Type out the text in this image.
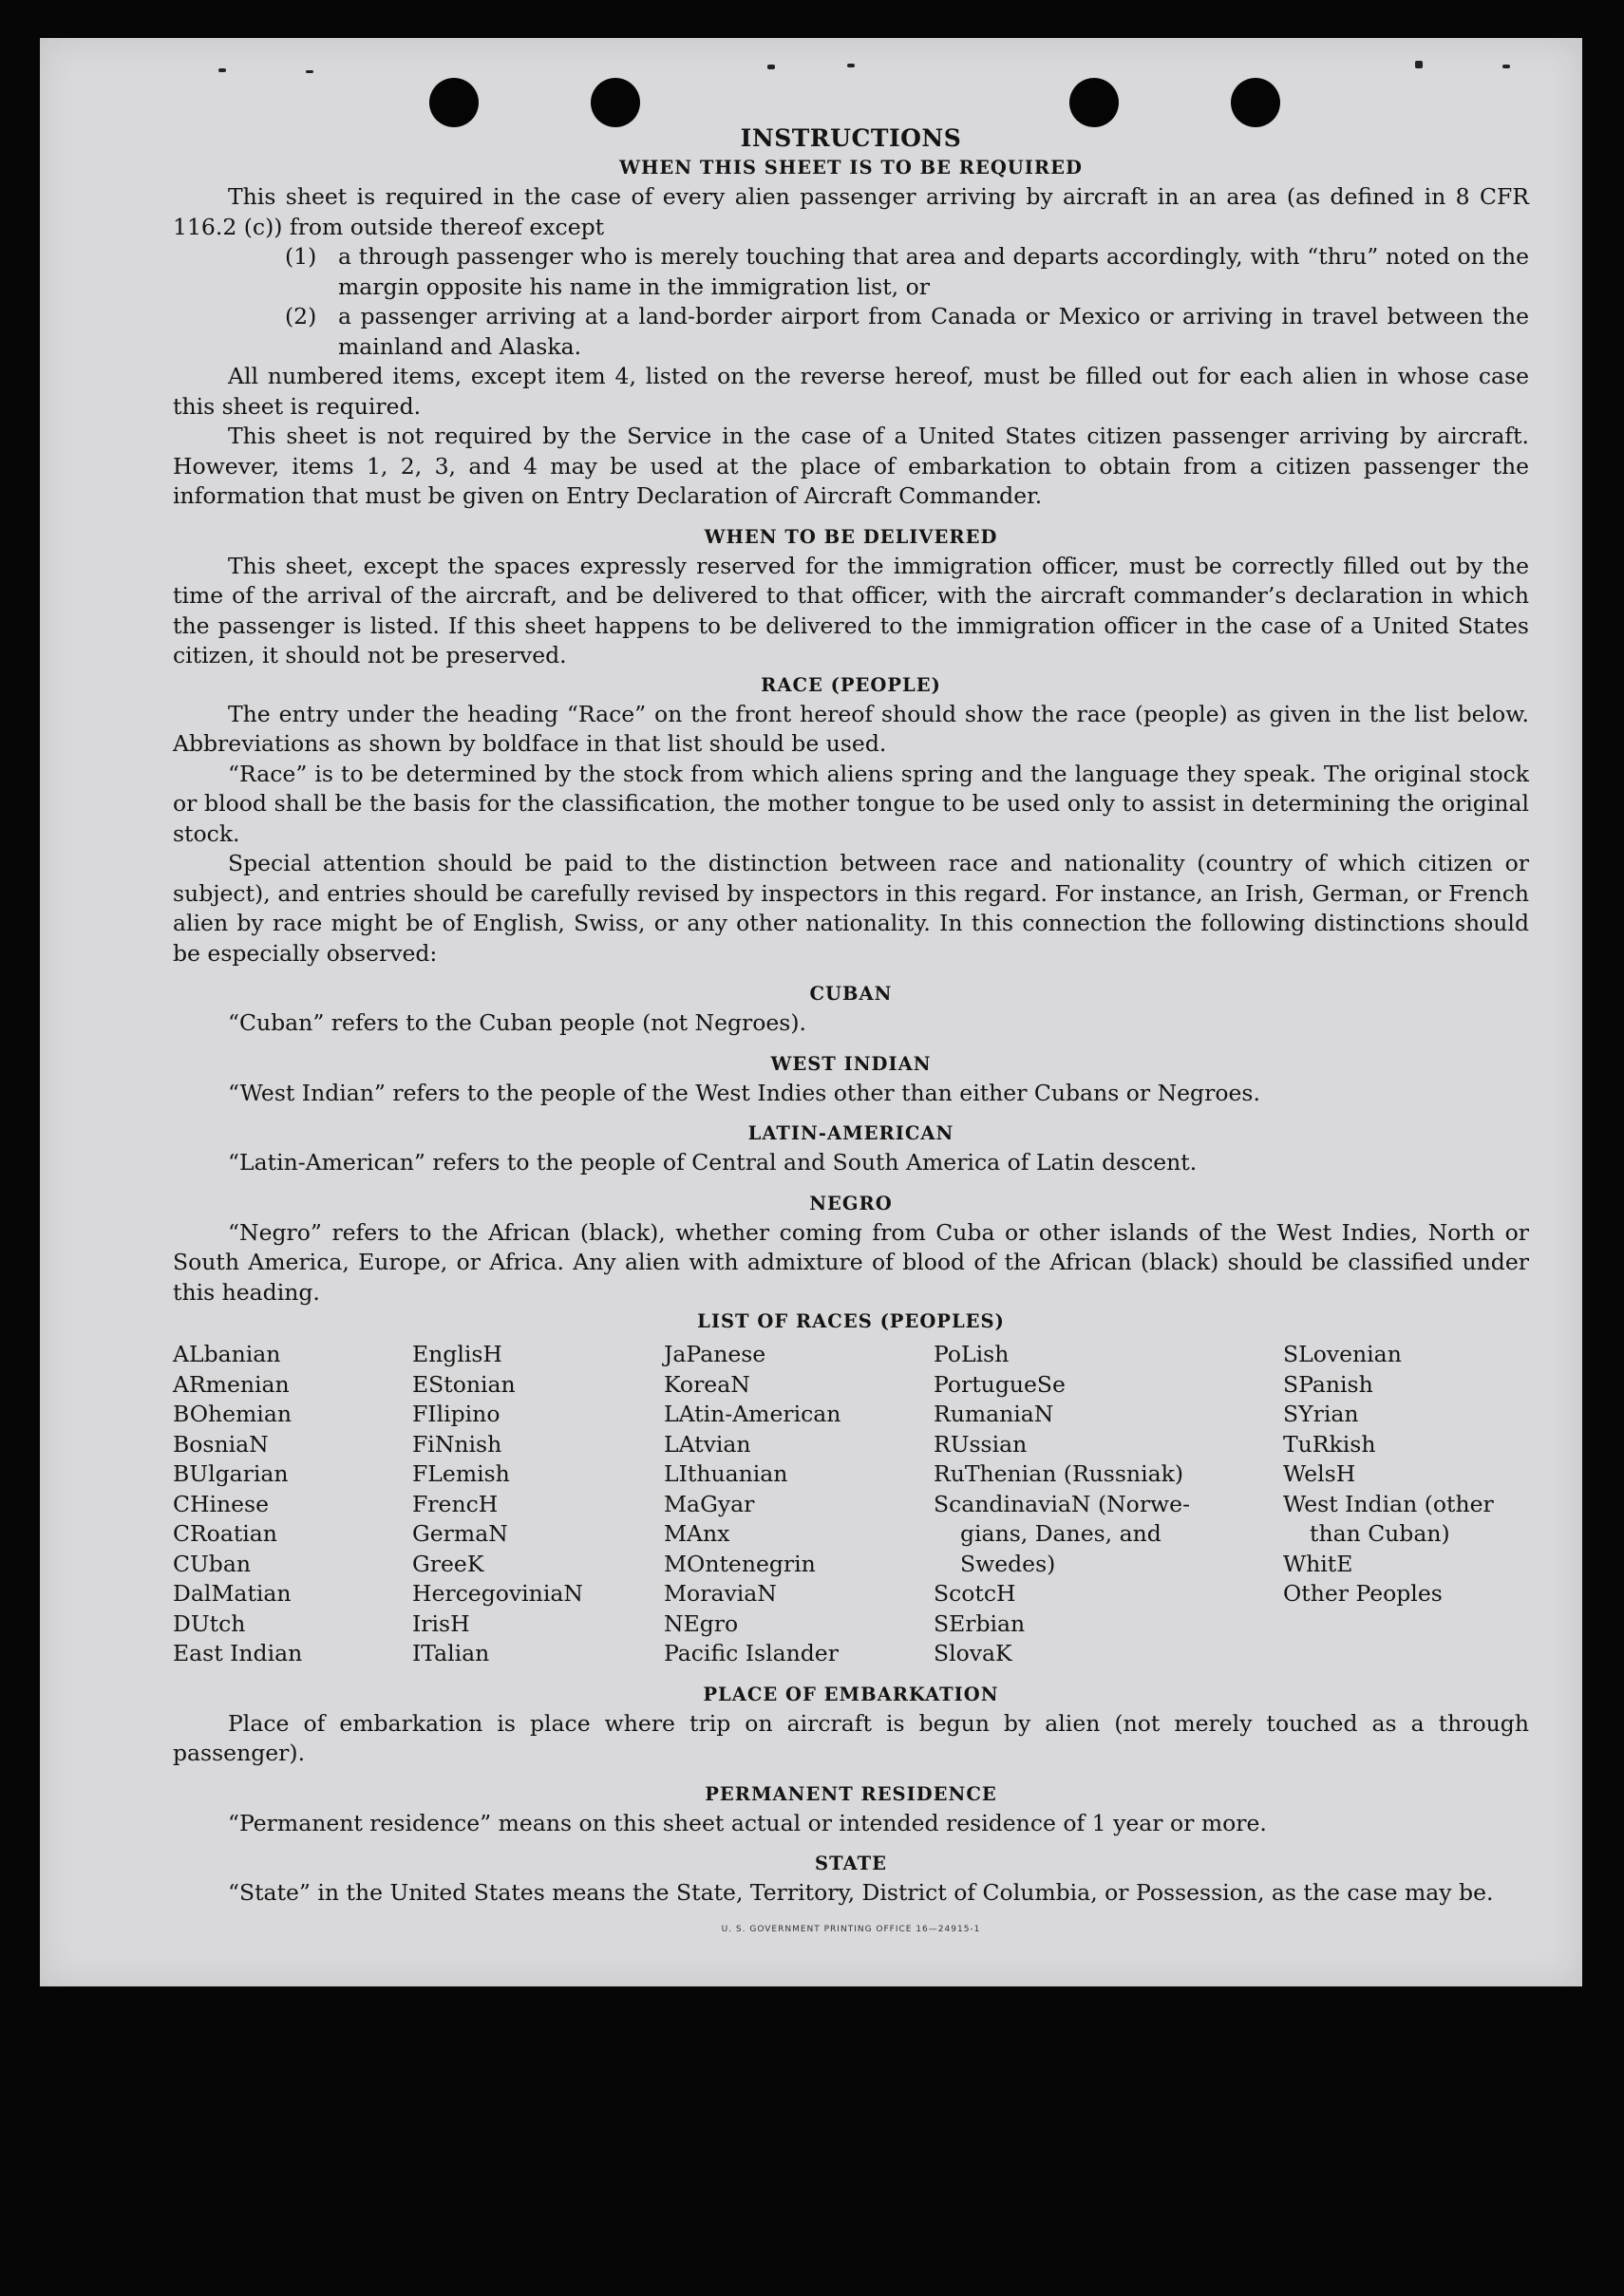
INSTRUCTIONS
WHEN THIS SHEET IS TO BE REQUIRED

This sheet is required in the case of every alien passenger arriving by aircraft in an area (as defined in 8 CFR 116.2 (c)) from outside thereof except

(1) a through passenger who is merely touching that area and departs accordingly, with “thru” noted on the margin opposite his name in the immigration list, or
(2) a passenger arriving at a land-border airport from Canada or Mexico or arriving in travel between the mainland and Alaska.

All numbered items, except item 4, listed on the reverse hereof, must be filled out for each alien in whose case this sheet is required.

This sheet is not required by the Service in the case of a United States citizen passenger arriving by aircraft. However, items 1, 2, 3, and 4 may be used at the place of embarkation to obtain from a citizen passenger the information that must be given on Entry Declaration of Aircraft Commander.

WHEN TO BE DELIVERED

This sheet, except the spaces expressly reserved for the immigration officer, must be correctly filled out by the time of the arrival of the aircraft, and be delivered to that officer, with the aircraft commander’s declaration in which the passenger is listed. If this sheet happens to be delivered to the immigration officer in the case of a United States citizen, it should not be preserved.

RACE (PEOPLE)

The entry under the heading “Race” on the front hereof should show the race (people) as given in the list below. Abbreviations as shown by boldface in that list should be used.

“Race” is to be determined by the stock from which aliens spring and the language they speak. The original stock or blood shall be the basis for the classification, the mother tongue to be used only to assist in determining the original stock.

Special attention should be paid to the distinction between race and nationality (country of which citizen or subject), and entries should be carefully revised by inspectors in this regard. For instance, an Irish, German, or French alien by race might be of English, Swiss, or any other nationality. In this connection the following distinctions should be especially observed:

CUBAN

“Cuban” refers to the Cuban people (not Negroes).

WEST INDIAN

“West Indian” refers to the people of the West Indies other than either Cubans or Negroes.

LATIN-AMERICAN

“Latin-American” refers to the people of Central and South America of Latin descent.

NEGRO

“Negro” refers to the African (black), whether coming from Cuba or other islands of the West Indies, North or South America, Europe, or Africa. Any alien with admixture of blood of the African (black) should be classified under this heading.

LIST OF RACES (PEOPLES)
ALbanian
ARmenian
BOhemian
BosniaN
BUlgarian
CHinese
CRoatian
CUban
DalMatian
DUtch
East Indian
EnglisH
EStonian
FIlipino
FiNnish
FLemish
FrencH
GermaN
GreeK
HercegoviniaN
IrisH
ITalian
JaPanese
KoreaN
LAtin-American
LAtvian
LIthuanian
MaGyar
MAnx
MOntenegrin
MoraviaN
NEgro
Pacific Islander
PoLish
PortugueSe
RumaniaN
RUssian
RuThenian (Russniak)
ScandinaviaN (Norwe-
gians, Danes, and
Swedes)
ScotcH
SErbian
SlovaK
SLovenian
SPanish
SYrian
TuRkish
WelsH
West Indian (other
than Cuban)
WhitE
Other Peoples
PLACE OF EMBARKATION

Place of embarkation is place where trip on aircraft is begun by alien (not merely touched as a through passenger).

PERMANENT RESIDENCE

“Permanent residence” means on this sheet actual or intended residence of 1 year or more.

STATE

“State” in the United States means the State, Territory, District of Columbia, or Possession, as the case may be.

U. S. GOVERNMENT PRINTING OFFICE 16—24915-1
